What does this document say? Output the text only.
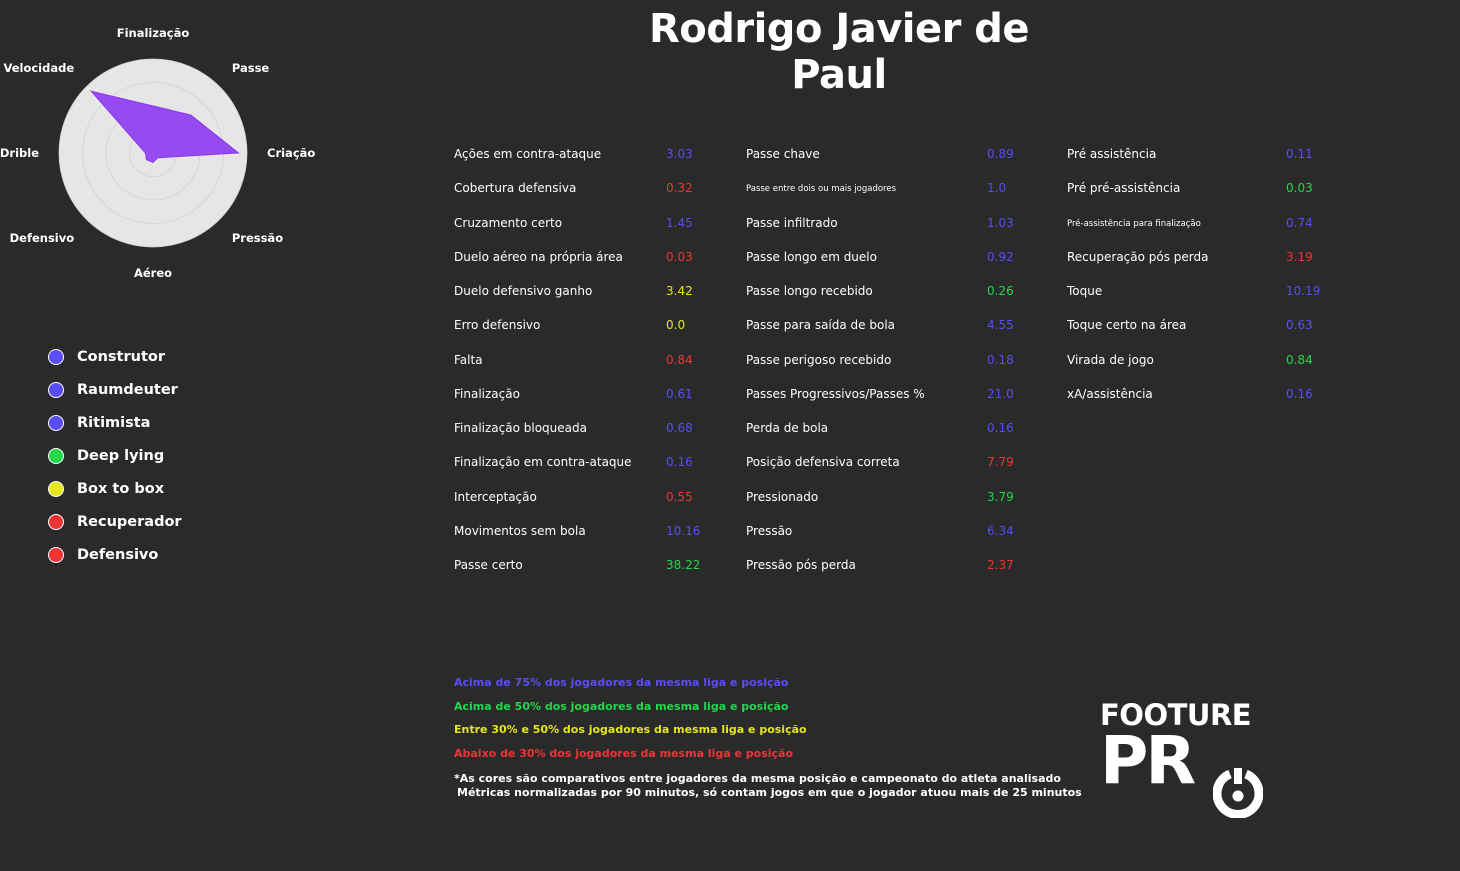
Rodrigo Javier de Paul
Finalização
Passe
Criação
Pressão
Aéreo
Defensivo
Drible
Velocidade
Construtor
Raumdeuter
Ritimista
Deep lying
Box to box
Recuperador
Defensivo
Ações em contra-ataque	3.03
Cobertura defensiva	0.32
Cruzamento certo	1.45
Duelo aéreo na própria área	0.03
Duelo defensivo ganho	3.42
Erro defensivo	0.0
Falta	0.84
Finalização	0.61
Finalização bloqueada	0.68
Finalização em contra-ataque	0.16
Interceptação	0.55
Movimentos sem bola	10.16
Passe certo	38.22
Passe chave	0.89
Passe entre dois ou mais jogadores	1.0
Passe infiltrado	1.03
Passe longo em duelo	0.92
Passe longo recebido	0.26
Passe para saída de bola	4.55
Passe perigoso recebido	0.18
Passes Progressivos/Passes %	21.0
Perda de bola	0.16
Posição defensiva correta	7.79
Pressionado	3.79
Pressão	6.34
Pressão pós perda	2.37
Pré assistência	0.11
Pré pré-assistência	0.03
Pré-assistência para finalização	0.74
Recuperação pós perda	3.19
Toque	10.19
Toque certo na área	0.63
Virada de jogo	0.84
xA/assistência	0.16
Acima de 75% dos jogadores da mesma liga e posição
Acima de 50% dos jogadores da mesma liga e posição
Entre 30% e 50% dos jogadores da mesma liga e posição
Abaixo de 30% dos jogadores da mesma liga e posição
*As cores são comparativos entre jogadores da mesma posição e campeonato do atleta analisado
Métricas normalizadas por 90 minutos, só contam jogos em que o jogador atuou mais de 25 minutos
FOOTURE
PR
